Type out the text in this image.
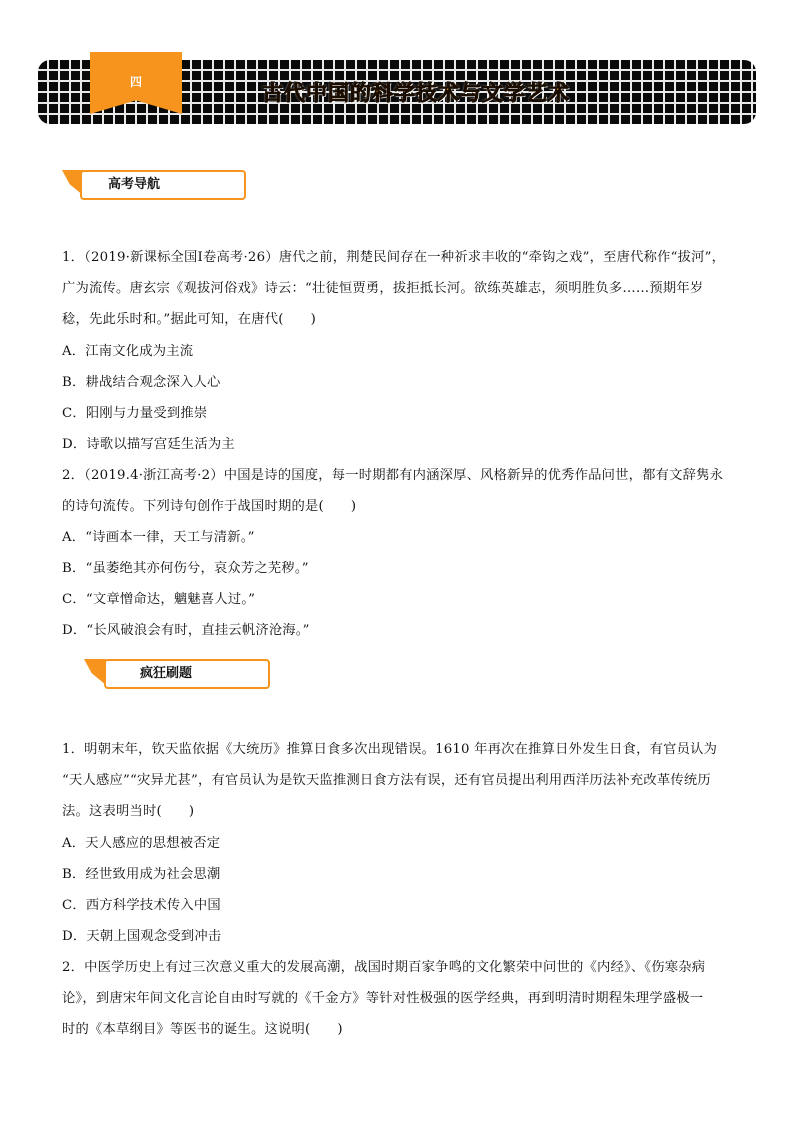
四	古代中国的科学技术与文学艺术
高考导航
1．（2019·新课标全国Ⅰ卷高考·26）唐代之前，荆楚民间存在一种祈求丰收的“牵钩之戏”，至唐代称作“拔河”，
广为流传。唐玄宗《观拔河俗戏》诗云：“壮徒恒贾勇，拔拒抵长河。欲练英雄志，须明胜负多……预期年岁
稔，先此乐时和。”据此可知，在唐代(　　)
A．江南文化成为主流
B．耕战结合观念深入人心
C．阳刚与力量受到推崇
D．诗歌以描写宫廷生活为主
2．（2019.4·浙江高考·2）中国是诗的国度，每一时期都有内涵深厚、风格新异的优秀作品问世，都有文辞隽永
的诗句流传。下列诗句创作于战国时期的是(　　)
A．“诗画本一律，天工与清新。”
B．“虽萎绝其亦何伤兮，哀众芳之芜秽。”
C．“文章憎命达，魑魅喜人过。”
D．“长风破浪会有时，直挂云帆济沧海。”
疯狂刷题
1．明朝末年，钦天监依据《大统历》推算日食多次出现错误。1610 年再次在推算日外发生日食，有官员认为
“天人感应”“灾异尤甚”，有官员认为是钦天监推测日食方法有误，还有官员提出利用西洋历法补充改革传统历
法。这表明当时(　　)
A．天人感应的思想被否定
B．经世致用成为社会思潮
C．西方科学技术传入中国
D．天朝上国观念受到冲击
2．中医学历史上有过三次意义重大的发展高潮，战国时期百家争鸣的文化繁荣中问世的《内经》、《伤寒杂病
论》，到唐宋年间文化言论自由时写就的《千金方》等针对性极强的医学经典，再到明清时期程朱理学盛极一
时的《本草纲目》等医书的诞生。这说明(　　)
